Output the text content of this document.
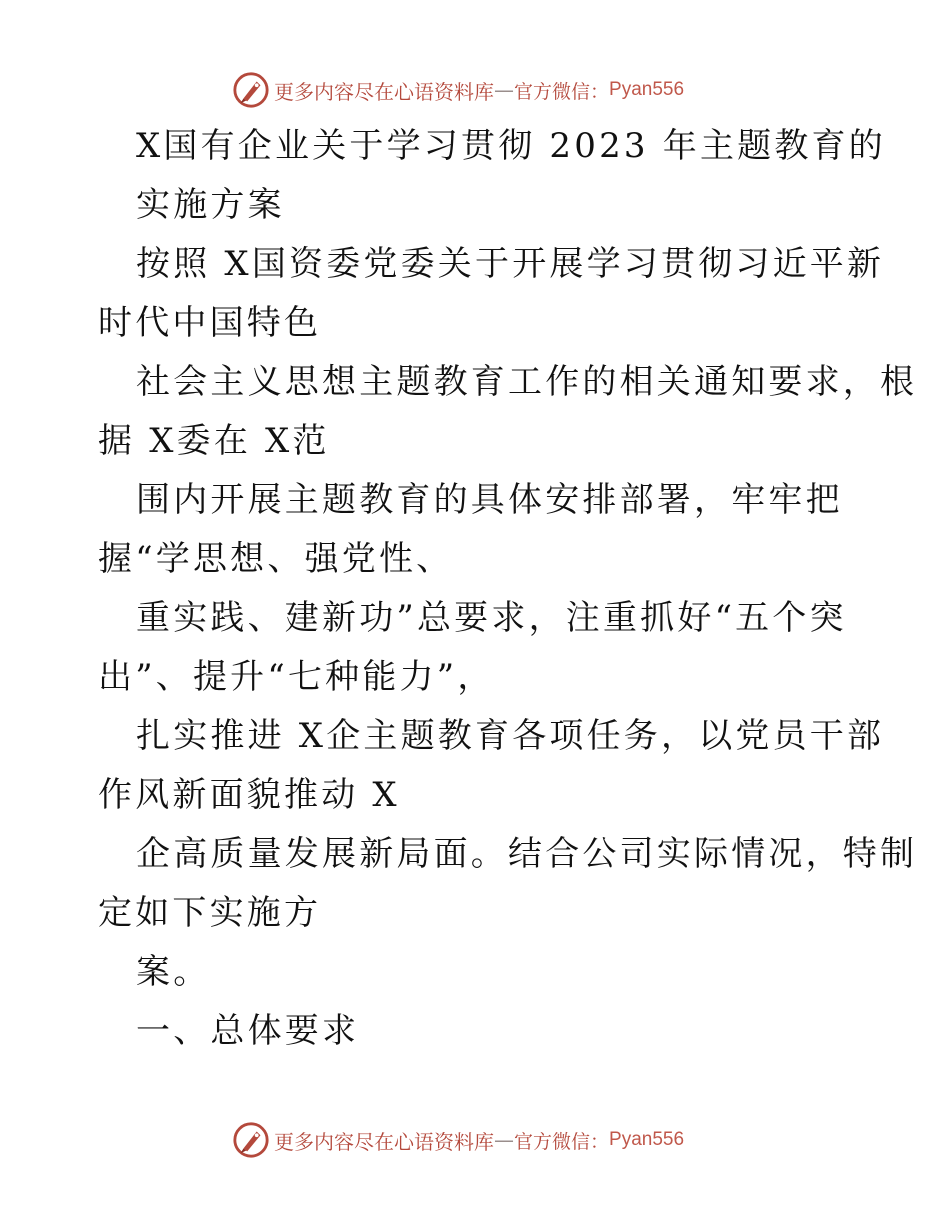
更多内容尽在心语资料库 — 官方微信： Pyan556
X国有企业关于学习贯彻 2023 年主题教育的
实施方案
按照 X国资委党委关于开展学习贯彻习近平新
时代中国特色
社会主义思想主题教育工作的相关通知要求，根
据 X委在 X范
围内开展主题教育的具体安排部署，牢牢把
握“学思想、强党性、
重实践、建新功”总要求，注重抓好“五个突
出”、提升“七种能力”，
扎实推进 X企主题教育各项任务，以党员干部
作风新面貌推动 X
企高质量发展新局面。结合公司实际情况，特制
定如下实施方
案。
一、总体要求
更多内容尽在心语资料库 — 官方微信： Pyan556
